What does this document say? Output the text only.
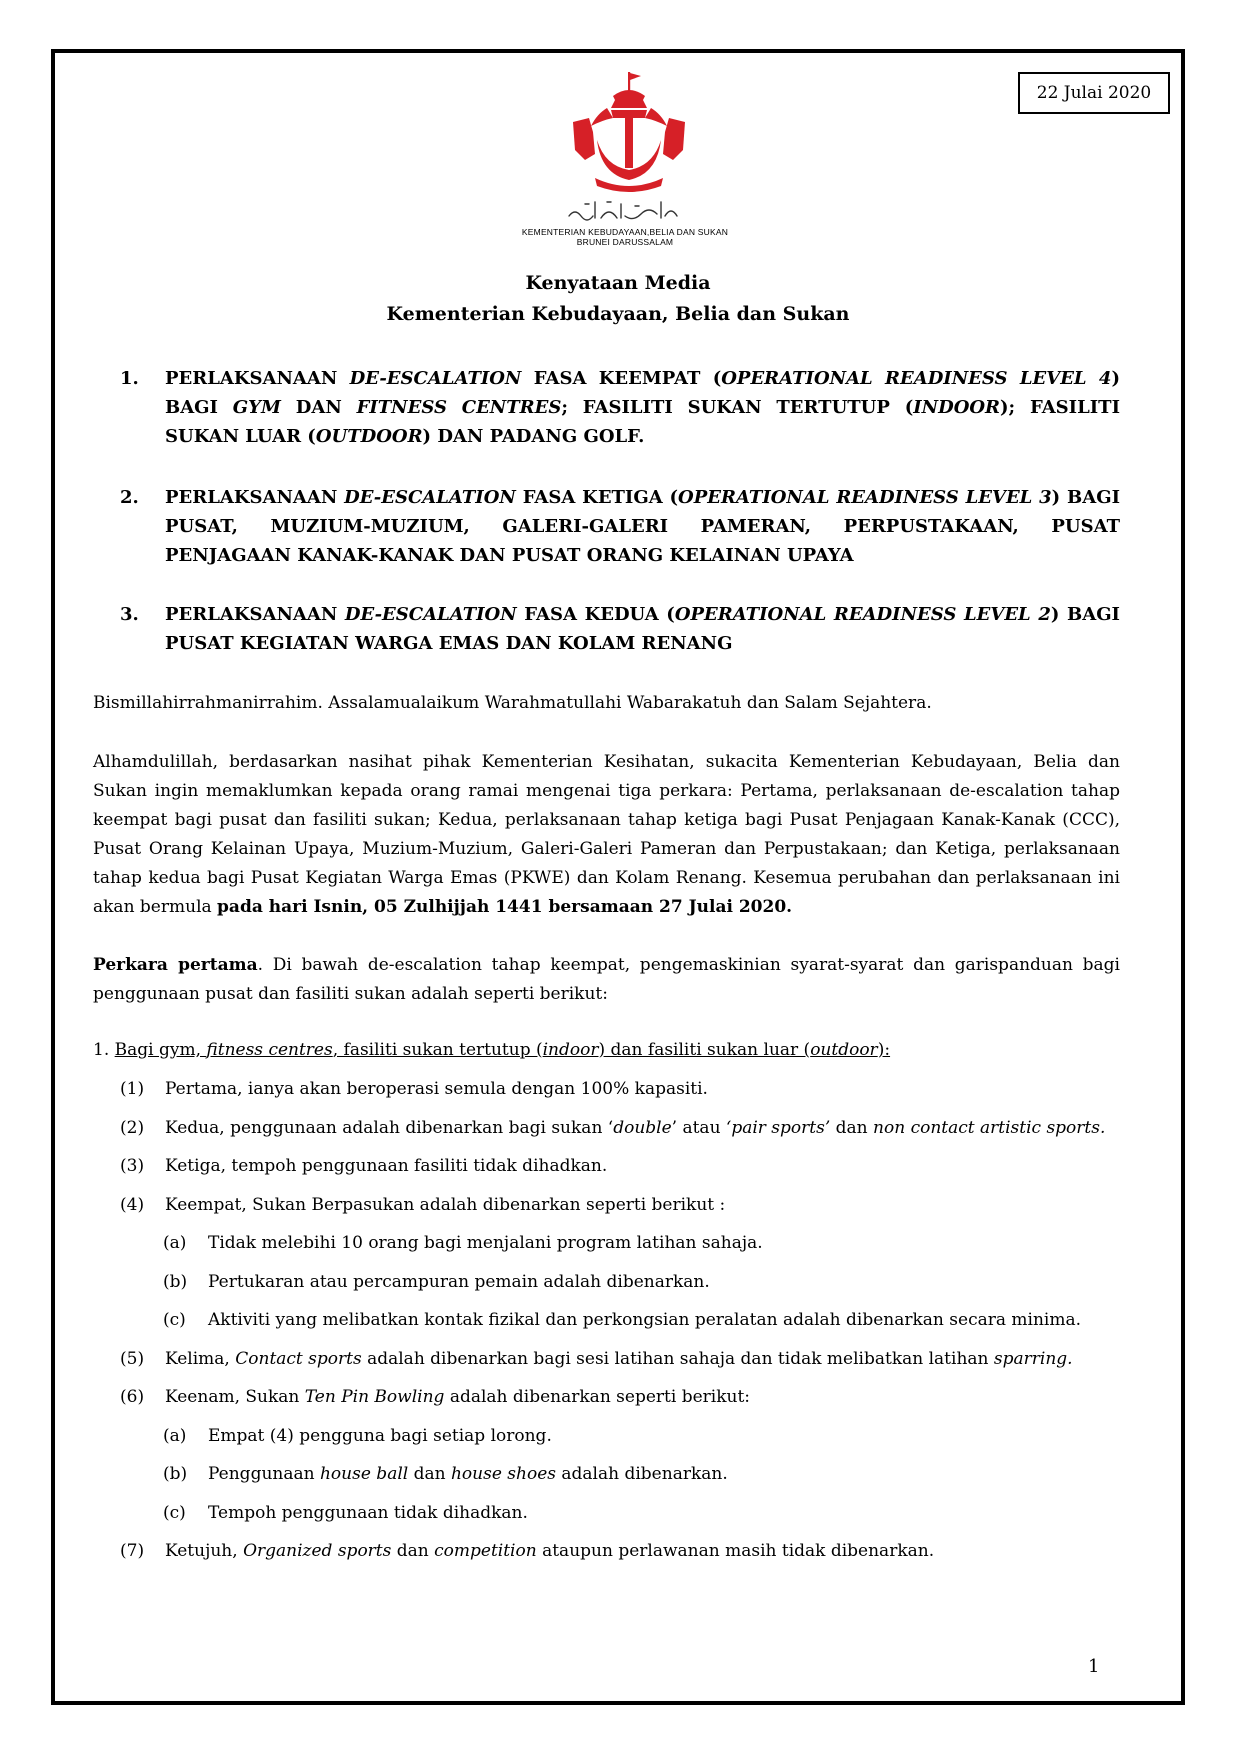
22 Julai 2020
KEMENTERIAN KEBUDAYAAN,BELIA DAN SUKAN
BRUNEI DARUSSALAM
Kenyataan Media
Kementerian Kebudayaan, Belia dan Sukan
1. PERLAKSANAAN DE-ESCALATION FASA KEEMPAT (OPERATIONAL READINESS LEVEL 4) BAGI GYM DAN FITNESS CENTRES; FASILITI SUKAN TERTUTUP (INDOOR); FASILITI SUKAN LUAR (OUTDOOR) DAN PADANG GOLF.
2. PERLAKSANAAN DE-ESCALATION FASA KETIGA (OPERATIONAL READINESS LEVEL 3) BAGI PUSAT, MUZIUM-MUZIUM, GALERI-GALERI PAMERAN, PERPUSTAKAAN, PUSAT PENJAGAAN KANAK-KANAK DAN PUSAT ORANG KELAINAN UPAYA
3. PERLAKSANAAN DE-ESCALATION FASA KEDUA (OPERATIONAL READINESS LEVEL 2) BAGI PUSAT KEGIATAN WARGA EMAS DAN KOLAM RENANG
Bismillahirrahmanirrahim. Assalamualaikum Warahmatullahi Wabarakatuh dan Salam Sejahtera.
Alhamdulillah, berdasarkan nasihat pihak Kementerian Kesihatan, sukacita Kementerian Kebudayaan, Belia dan Sukan ingin memaklumkan kepada orang ramai mengenai tiga perkara: Pertama, perlaksanaan de-escalation tahap keempat bagi pusat dan fasiliti sukan; Kedua, perlaksanaan tahap ketiga bagi Pusat Penjagaan Kanak-Kanak (CCC), Pusat Orang Kelainan Upaya, Muzium-Muzium, Galeri-Galeri Pameran dan Perpustakaan; dan Ketiga, perlaksanaan tahap kedua bagi Pusat Kegiatan Warga Emas (PKWE) dan Kolam Renang. Kesemua perubahan dan perlaksanaan ini akan bermula pada hari Isnin, 05 Zulhijjah 1441 bersamaan 27 Julai 2020.
Perkara pertama. Di bawah de-escalation tahap keempat, pengemaskinian syarat-syarat dan garispanduan bagi penggunaan pusat dan fasiliti sukan adalah seperti berikut:
1. Bagi gym, fitness centres, fasiliti sukan tertutup (indoor) dan fasiliti sukan luar (outdoor):
(1) Pertama, ianya akan beroperasi semula dengan 100% kapasiti.
(2) Kedua, penggunaan adalah dibenarkan bagi sukan ‘double’ atau ‘pair sports’ dan non contact artistic sports.
(3) Ketiga, tempoh penggunaan fasiliti tidak dihadkan.
(4) Keempat, Sukan Berpasukan adalah dibenarkan seperti berikut :
(a) Tidak melebihi 10 orang bagi menjalani program latihan sahaja.
(b) Pertukaran atau percampuran pemain adalah dibenarkan.
(c) Aktiviti yang melibatkan kontak fizikal dan perkongsian peralatan adalah dibenarkan secara minima.
(5) Kelima, Contact sports adalah dibenarkan bagi sesi latihan sahaja dan tidak melibatkan latihan sparring.
(6) Keenam, Sukan Ten Pin Bowling adalah dibenarkan seperti berikut:
(a) Empat (4) pengguna bagi setiap lorong.
(b) Penggunaan house ball dan house shoes adalah dibenarkan.
(c) Tempoh penggunaan tidak dihadkan.
(7) Ketujuh, Organized sports dan competition ataupun perlawanan masih tidak dibenarkan.
1
